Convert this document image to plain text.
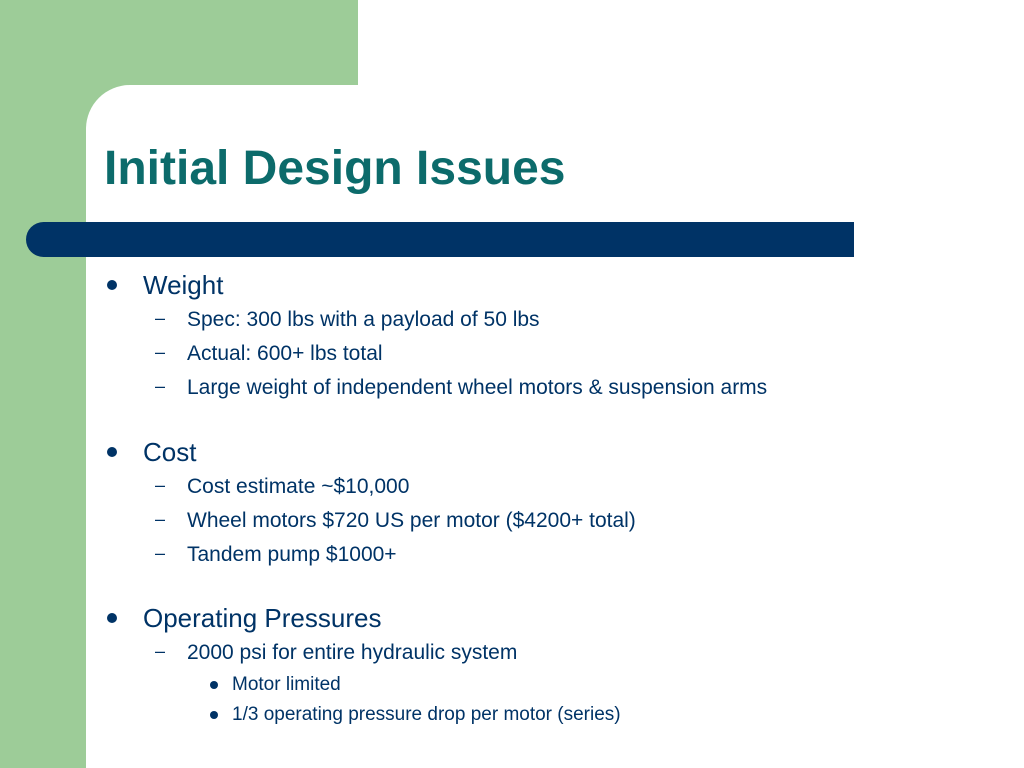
Initial Design Issues
Weight
– Spec: 300 lbs with a payload of 50 lbs
– Actual: 600+ lbs total
– Large weight of independent wheel motors & suspension arms
Cost
– Cost estimate ~$10,000
– Wheel motors $720 US per motor ($4200+ total)
– Tandem pump $1000+
Operating Pressures
– 2000 psi for entire hydraulic system
Motor limited
1/3 operating pressure drop per motor (series)
